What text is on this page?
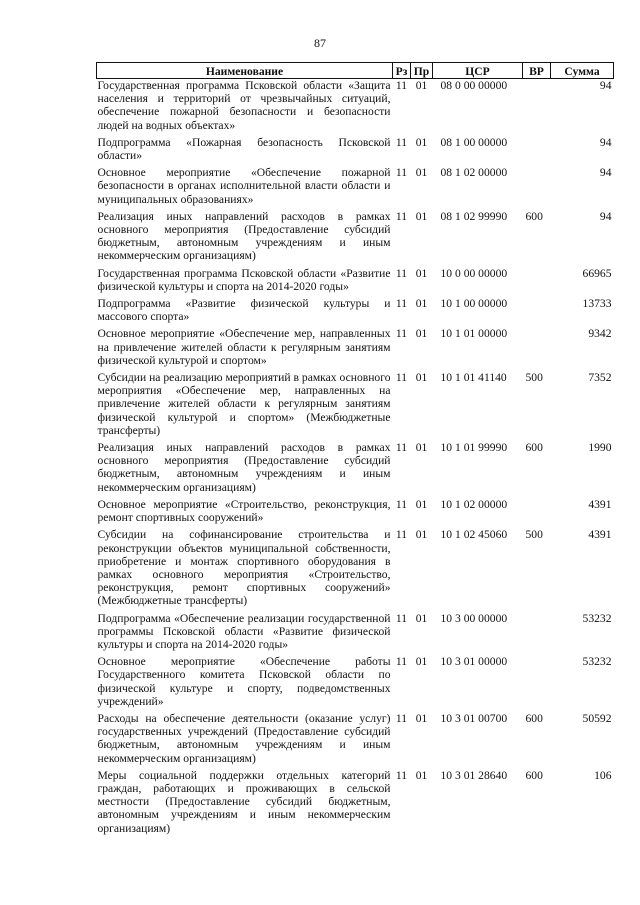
87
Наименование	Рз	Пр	ЦСР	ВР	Сумма
Государственная программа Псковской области «Защита населения и территорий от чрезвычайных ситуаций, обеспечение пожарной безопасности и безопасности людей на водных объектах»	11	01	08 0 00 00000		94
Подпрограмма «Пожарная безопасность Псковской области»	11	01	08 1 00 00000		94
Основное мероприятие «Обеспечение пожарной безопасности в органах исполнительной власти области и муниципальных образованиях»	11	01	08 1 02 00000		94
Реализация иных направлений расходов в рамках основного мероприятия (Предоставление субсидий бюджетным, автономным учреждениям и иным некоммерческим организациям)	11	01	08 1 02 99990	600	94
Государственная программа Псковской области «Развитие физической культуры и спорта на 2014-2020 годы»	11	01	10 0 00 00000		66965
Подпрограмма «Развитие физической культуры и массового спорта»	11	01	10 1 00 00000		13733
Основное мероприятие «Обеспечение мер, направленных на привлечение жителей области к регулярным занятиям физической культурой и спортом»	11	01	10 1 01 00000		9342
Субсидии на реализацию мероприятий в рамках основного мероприятия «Обеспечение мер, направленных на привлечение жителей области к регулярным занятиям физической культурой и спортом» (Межбюджетные трансферты)	11	01	10 1 01 41140	500	7352
Реализация иных направлений расходов в рамках основного мероприятия (Предоставление субсидий бюджетным, автономным учреждениям и иным некоммерческим организациям)	11	01	10 1 01 99990	600	1990
Основное мероприятие «Строительство, реконструкция, ремонт спортивных сооружений»	11	01	10 1 02 00000		4391
Субсидии на софинансирование строительства и реконструкции объектов муниципальной собственности, приобретение и монтаж спортивного оборудования в рамках основного мероприятия «Строительство, реконструкция, ремонт спортивных сооружений» (Межбюджетные трансферты)	11	01	10 1 02 45060	500	4391
Подпрограмма «Обеспечение реализации государственной программы Псковской области «Развитие физической культуры и спорта на 2014-2020 годы»	11	01	10 3 00 00000		53232
Основное мероприятие «Обеспечение работы Государственного комитета Псковской области по физической культуре и спорту, подведомственных учреждений»	11	01	10 3 01 00000		53232
Расходы на обеспечение деятельности (оказание услуг) государственных учреждений (Предоставление субсидий бюджетным, автономным учреждениям и иным некоммерческим организациям)	11	01	10 3 01 00700	600	50592
Меры социальной поддержки отдельных категорий граждан, работающих и проживающих в сельской местности (Предоставление субсидий бюджетным, автономным учреждениям и иным некоммерческим организациям)	11	01	10 3 01 28640	600	106
